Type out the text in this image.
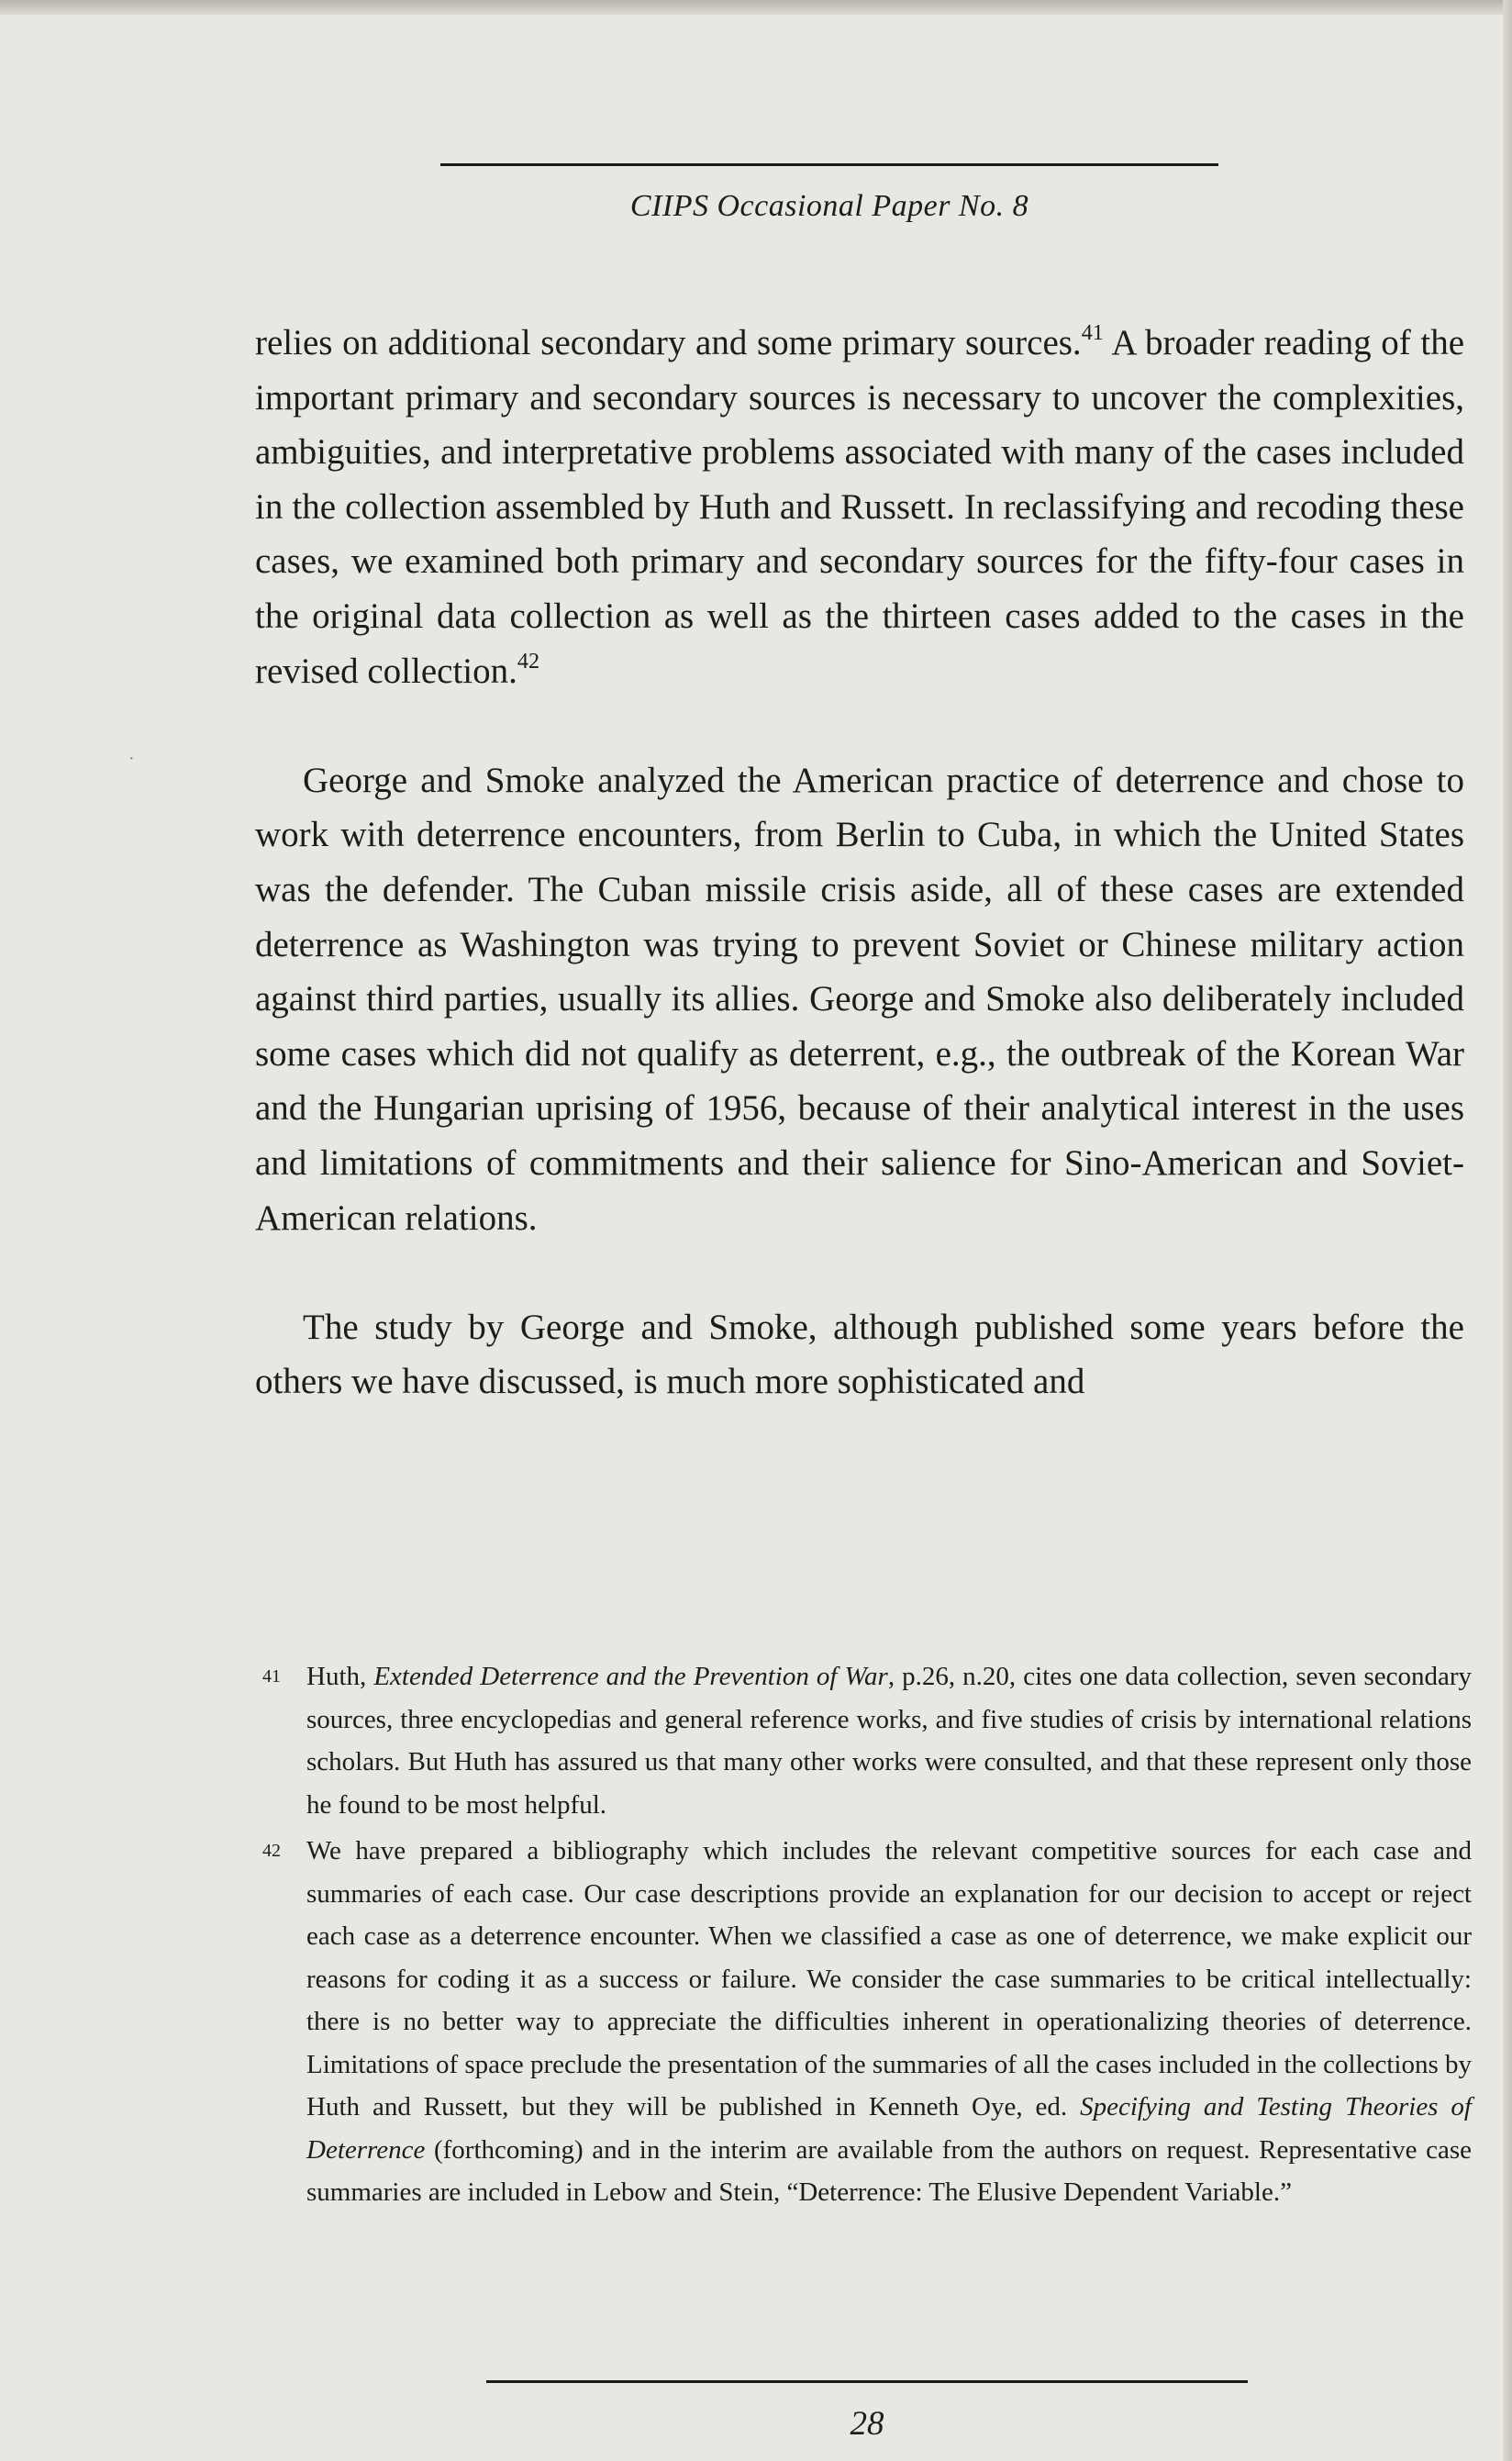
CIIPS Occasional Paper No. 8
·

relies on additional secondary and some primary sources.$^{41}$ A broader reading of the important primary and secondary sources is necessary to uncover the complexities, ambiguities, and interpretative problems associated with many of the cases included in the collection assembled by Huth and Russett. In reclassifying and recoding these cases, we examined both primary and secondary sources for the fifty-four cases in the original data collection as well as the thirteen cases added to the cases in the revised collection.$^{42}$

George and Smoke analyzed the American practice of deterrence and chose to work with deterrence encounters, from Berlin to Cuba, in which the United States was the defender. The Cuban missile crisis aside, all of these cases are extended deterrence as Washington was trying to prevent Soviet or Chinese military action against third parties, usually its allies. George and Smoke also deliberately included some cases which did not qualify as deterrent, e.g., the outbreak of the Korean War and the Hungarian uprising of 1956, because of their analytical interest in the uses and limitations of commitments and their salience for Sino-American and Soviet-American relations.

The study by George and Smoke, although published some years before the others we have discussed, is much more sophisticated and

41 Huth, Extended Deterrence and the Prevention of War, p.26, n.20, cites one data collection, seven secondary sources, three encyclopedias and general reference works, and five studies of crisis by international relations scholars. But Huth has assured us that many other works were consulted, and that these represent only those he found to be most helpful.
42 We have prepared a bibliography which includes the relevant competitive sources for each case and summaries of each case. Our case descriptions provide an explanation for our decision to accept or reject each case as a deterrence encounter. When we classified a case as one of deterrence, we make explicit our reasons for coding it as a success or failure. We consider the case summaries to be critical intellectually: there is no better way to appreciate the difficulties inherent in operationalizing theories of deterrence. Limitations of space preclude the presentation of the summaries of all the cases included in the collections by Huth and Russett, but they will be published in Kenneth Oye, ed. Specifying and Testing Theories of Deterrence (forthcoming) and in the interim are available from the authors on request. Representative case summaries are included in Lebow and Stein, “Deterrence: The Elusive Dependent Variable.”
28
